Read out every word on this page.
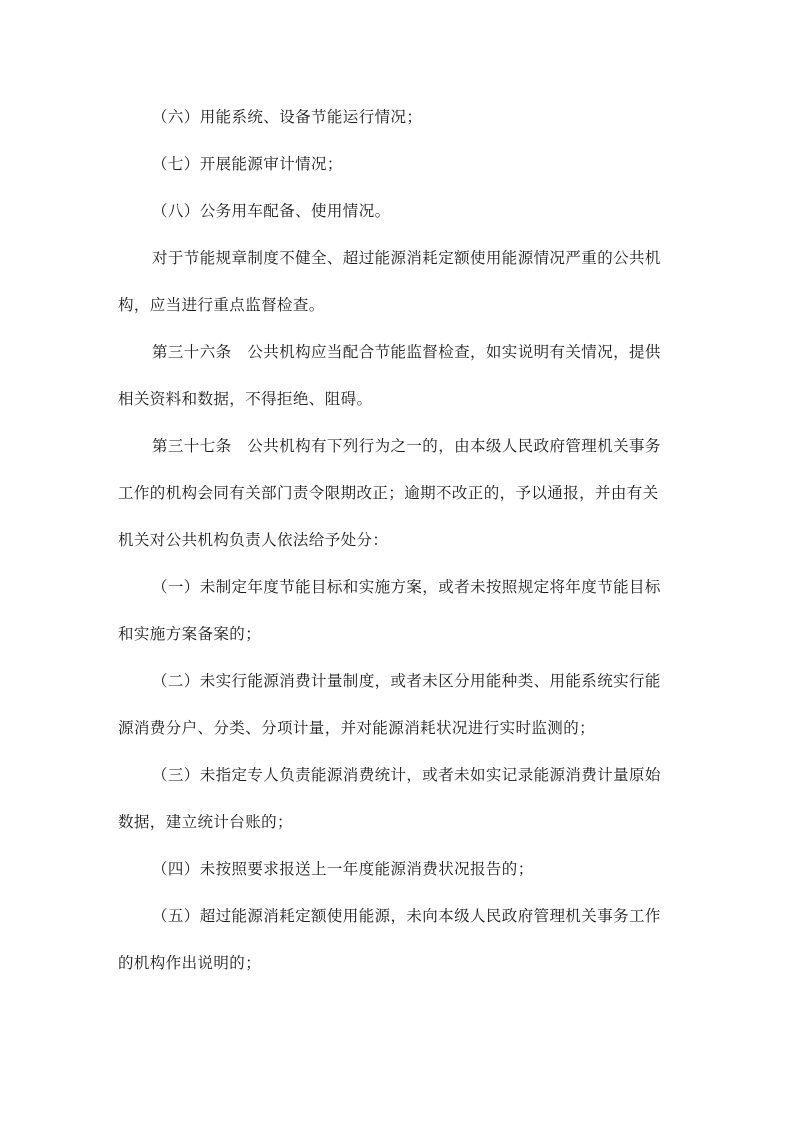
（六）用能系统、设备节能运行情况；

（七）开展能源审计情况；

（八）公务用车配备、使用情况。

对于节能规章制度不健全、超过能源消耗定额使用能源情况严重的公共机
构，应当进行重点监督检查。

第三十六条　公共机构应当配合节能监督检查，如实说明有关情况，提供
相关资料和数据，不得拒绝、阻碍。

第三十七条　公共机构有下列行为之一的，由本级人民政府管理机关事务
工作的机构会同有关部门责令限期改正；逾期不改正的，予以通报，并由有关
机关对公共机构负责人依法给予处分：

（一）未制定年度节能目标和实施方案，或者未按照规定将年度节能目标
和实施方案备案的；

（二）未实行能源消费计量制度，或者未区分用能种类、用能系统实行能
源消费分户、分类、分项计量，并对能源消耗状况进行实时监测的；

（三）未指定专人负责能源消费统计，或者未如实记录能源消费计量原始
数据，建立统计台账的；

（四）未按照要求报送上一年度能源消费状况报告的；

（五）超过能源消耗定额使用能源，未向本级人民政府管理机关事务工作
的机构作出说明的；
